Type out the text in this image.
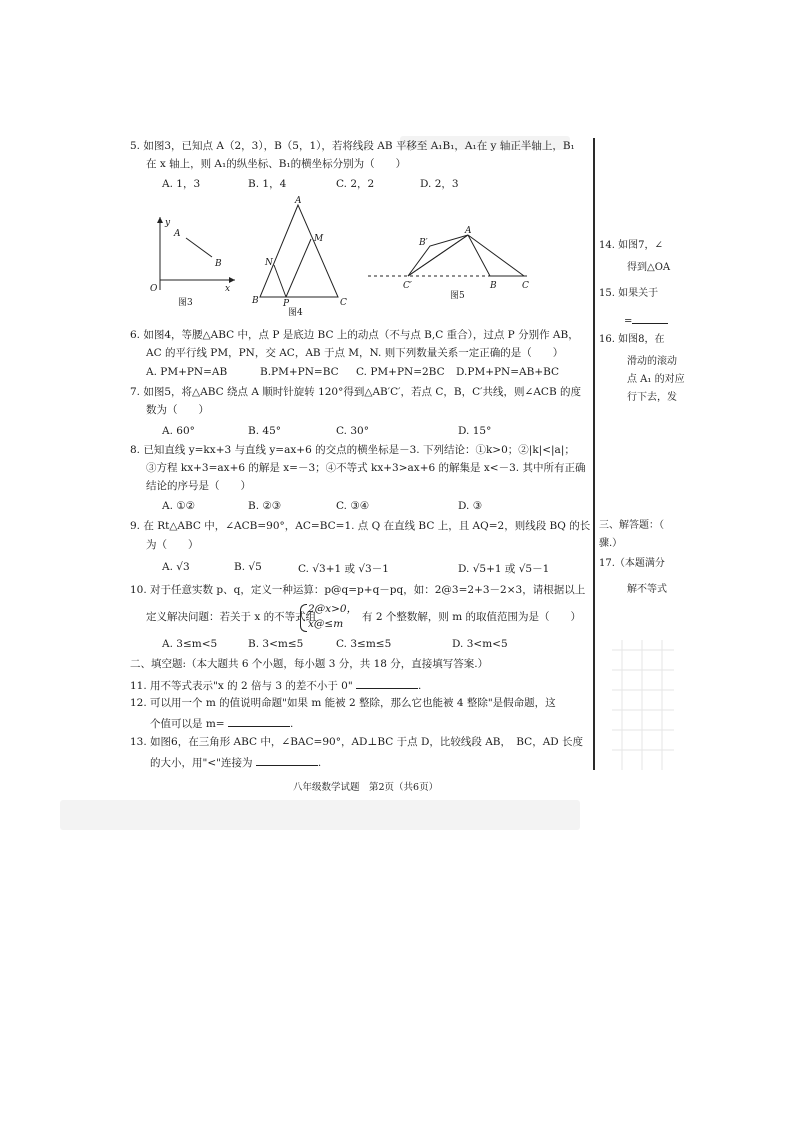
5. 如图3，已知点 A（2，3），B（5，1），若将线段 AB 平移至 A₁B₁，A₁在 y 轴正半轴上，B₁
在 x 轴上，则 A₁的纵坐标、B₁的横坐标分别为（　　）
A. 1，3	B. 1，4	C. 2，2	D. 2，3
y
x
O
A
B
图3
A
B	C
M
N
P
图4
A
B′
C′	B	C
图5
6. 如图4，等腰△ABC 中，点 P 是底边 BC 上的动点（不与点 B,C 重合），过点 P 分别作 AB，
AC 的平行线 PM，PN，交 AC，AB 于点 M，N. 则下列数量关系一定正确的是（　　）
A. PM+PN=AB	B.PM+PN=BC C. PM+PN=2BC D.PM+PN=AB+BC
7. 如图5，将△ABC 绕点 A 顺时针旋转 120°得到△AB′C′，若点 C，B，C′共线，则∠ACB 的度
数为（　　）
A. 60°	B. 45°	C. 30°	D. 15°
8. 已知直线 y=kx+3 与直线 y=ax+6 的交点的横坐标是－3. 下列结论：①k>0；②|k|<|a|；
③方程 kx+3=ax+6 的解是 x=－3；④不等式 kx+3>ax+6 的解集是 x<－3. 其中所有正确
结论的序号是（　　）
A. ①②	B. ②③	C. ③④	D. ③
9. 在 Rt△ABC 中，∠ACB=90°，AC=BC=1. 点 Q 在直线 BC 上，且 AQ=2，则线段 BQ 的长
为（　　）
A. √3	B. √5	C. √3+1 或 √3－1	D. √5+1 或 √5－1
10. 对于任意实数 p、q，定义一种运算：p@q=p+q－pq，如：2@3=2+3－2×3，请根据以上
定义解决问题：若关于 x 的不等式组
2@x>0，
x@≤m
有 2 个整数解，则 m 的取值范围为是（　　）
A. 3≤m<5	B. 3<m≤5	C. 3≤m≤5	D. 3<m<5
二、填空题:（本大题共 6 个小题，每小题 3 分，共 18 分，直接填写答案.）
11. 用不等式表示"x 的 2 倍与 3 的差不小于 0"	.
12. 可以用一个 m 的值说明命题"如果 m 能被 2 整除，那么它也能被 4 整除"是假命题，这
个值可以是 m=	.
13. 如图6，在三角形 ABC 中，∠BAC=90°，AD⊥BC 于点 D，比较线段 AB，　BC，AD 长度
的大小，用"<"连接为	.
14. 如图7，∠
得到△OA
15. 如果关于
=
16. 如图8，在
滑动的滚动
点 A₁ 的对应
行下去，发
三、解答题：（
骤.）
17.（本题满分
解不等式
八年级数学试题　第2页（共6页）
